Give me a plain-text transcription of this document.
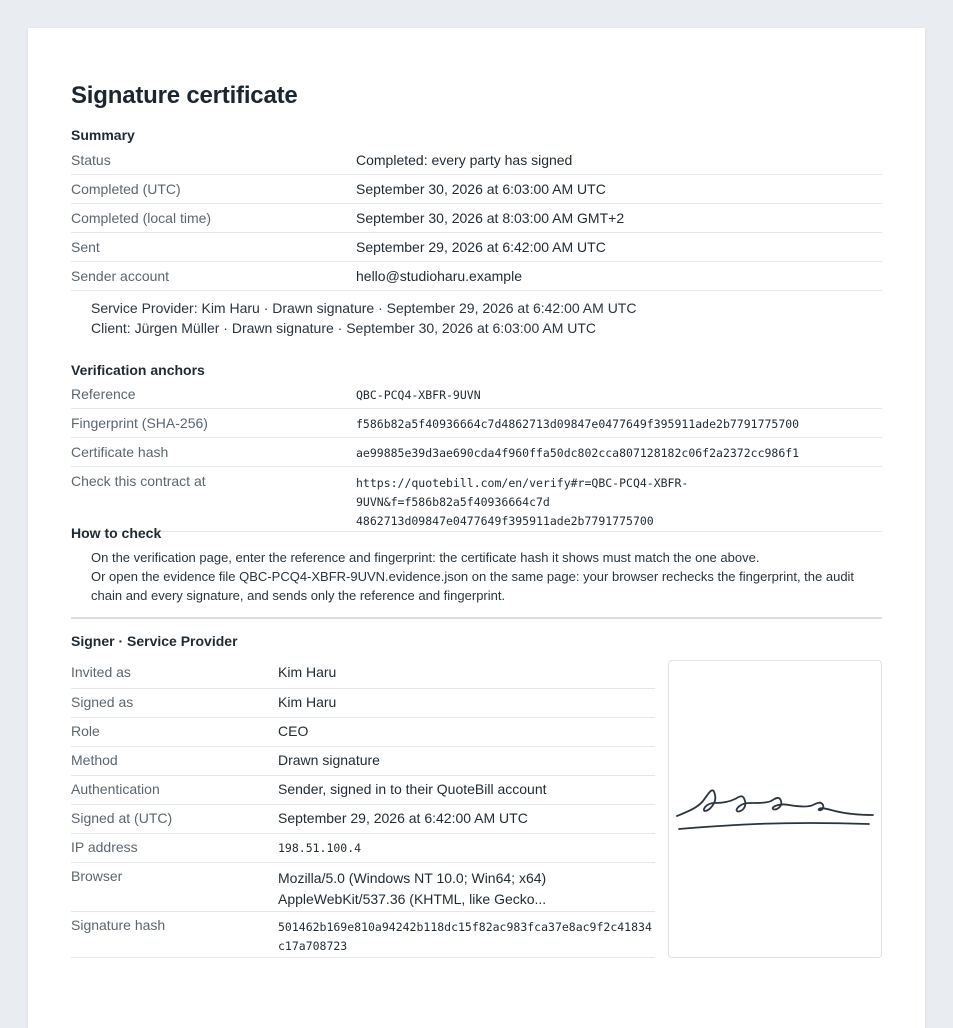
Signature certificate
Summary
Status	Completed: every party has signed
Completed (UTC)	September 30, 2026 at 6:03:00 AM UTC
Completed (local time)	September 30, 2026 at 8:03:00 AM GMT+2
Sent	September 29, 2026 at 6:42:00 AM UTC
Sender account	hello@studioharu.example
Service Provider: Kim Haru · Drawn signature · September 29, 2026 at 6:42:00 AM UTC
Client: Jürgen Müller · Drawn signature · September 30, 2026 at 6:03:00 AM UTC
Verification anchors
Reference	QBC-PCQ4-XBFR-9UVN
Fingerprint (SHA-256)	f586b82a5f40936664c7d4862713d09847e0477649f395911ade2b7791775700
Certificate hash	ae99885e39d3ae690cda4f960ffa50dc802cca807128182c06f2a2372cc986f1
Check this contract at	https://quotebill.com/en/verify#r=QBC-PCQ4-XBFR-9UVN&f=f586b82a5f40936664c7d
4862713d09847e0477649f395911ade2b7791775700
How to check
On the verification page, enter the reference and fingerprint: the certificate hash it shows must match the one above.
Or open the evidence file QBC-PCQ4-XBFR-9UVN.evidence.json on the same page: your browser rechecks the fingerprint, the audit
chain and every signature, and sends only the reference and fingerprint.
Signer · Service Provider
Invited as	Kim Haru
Signed as	Kim Haru
Role	CEO
Method	Drawn signature
Authentication	Sender, signed in to their QuoteBill account
Signed at (UTC)	September 29, 2026 at 6:42:00 AM UTC
IP address	198.51.100.4
Browser	Mozilla/5.0 (Windows NT 10.0; Win64; x64)
AppleWebKit/537.36 (KHTML, like Gecko...

Signature hash	501462b169e810a94242b118dc15f82ac983fca37e8ac9f2c41834
c17a708723
